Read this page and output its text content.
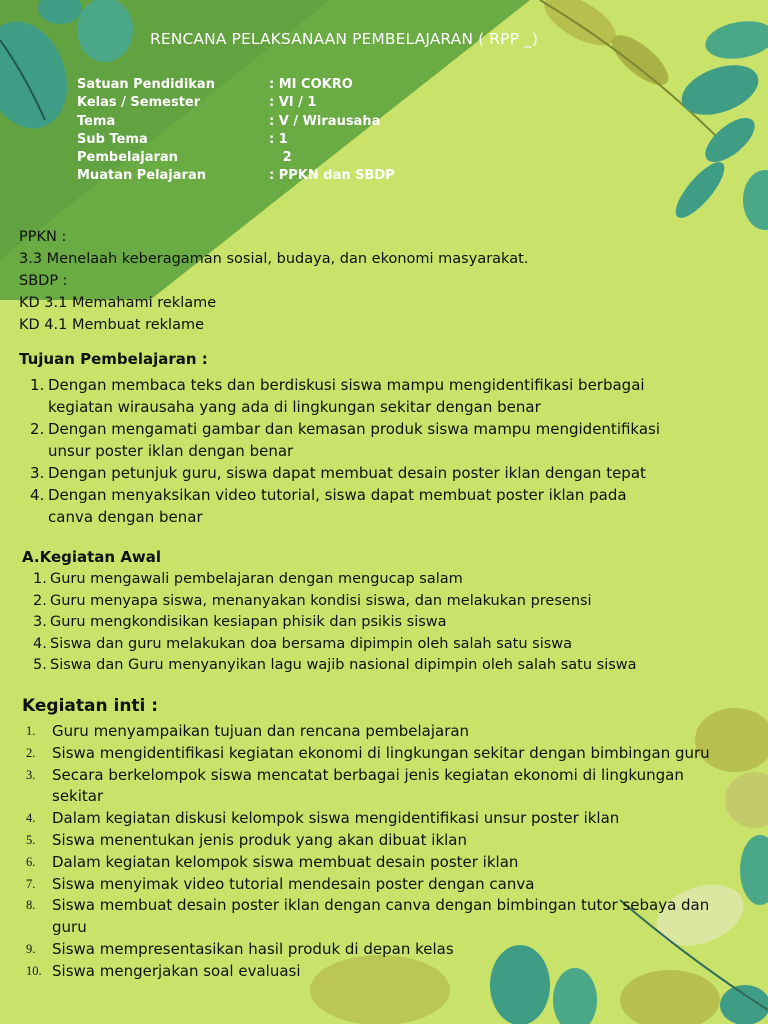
RENCANA PELAKSANAAN PEMBELAJARAN ( RPP _)
Satuan Pendidikan	: MI COKRO
Kelas / Semester	: VI / 1
Tema	: V / Wirausaha
Sub Tema	: 1
Pembelajaran	2
Muatan Pelajaran	: PPKN dan SBDP
PPKN :
3.3 Menelaah keberagaman sosial, budaya, dan ekonomi masyarakat.
SBDP :
KD 3.1 Memahami reklame
KD 4.1 Membuat reklame
Tujuan Pembelajaran :
1. Dengan membaca teks dan berdiskusi siswa mampu mengidentifikasi berbagai
kegiatan wirausaha yang ada di lingkungan sekitar dengan benar
2. Dengan mengamati gambar dan kemasan produk siswa mampu mengidentifikasi
unsur poster iklan dengan benar
3. Dengan petunjuk guru, siswa dapat membuat desain poster iklan dengan tepat
4. Dengan menyaksikan video tutorial, siswa dapat membuat poster iklan pada
canva dengan benar
A.Kegiatan Awal
1. Guru mengawali pembelajaran dengan mengucap salam
2. Guru menyapa siswa, menanyakan kondisi siswa, dan melakukan presensi
3. Guru mengkondisikan kesiapan phisik dan psikis siswa
4. Siswa dan guru melakukan doa bersama dipimpin oleh salah satu siswa
5. Siswa dan Guru menyanyikan lagu wajib nasional dipimpin oleh salah satu siswa
Kegiatan inti :
1. Guru menyampaikan tujuan dan rencana pembelajaran
2. Siswa mengidentifikasi kegiatan ekonomi di lingkungan sekitar dengan bimbingan guru
3. Secara berkelompok siswa mencatat berbagai jenis kegiatan ekonomi di lingkungan
sekitar
4. Dalam kegiatan diskusi kelompok siswa mengidentifikasi unsur poster iklan
5. Siswa menentukan jenis produk yang akan dibuat iklan
6. Dalam kegiatan kelompok siswa membuat desain poster iklan
7. Siswa menyimak video tutorial mendesain poster dengan canva
8. Siswa membuat desain poster iklan dengan canva dengan bimbingan tutor sebaya dan
guru
9. Siswa mempresentasikan hasil produk di depan kelas
10. Siswa mengerjakan soal evaluasi
